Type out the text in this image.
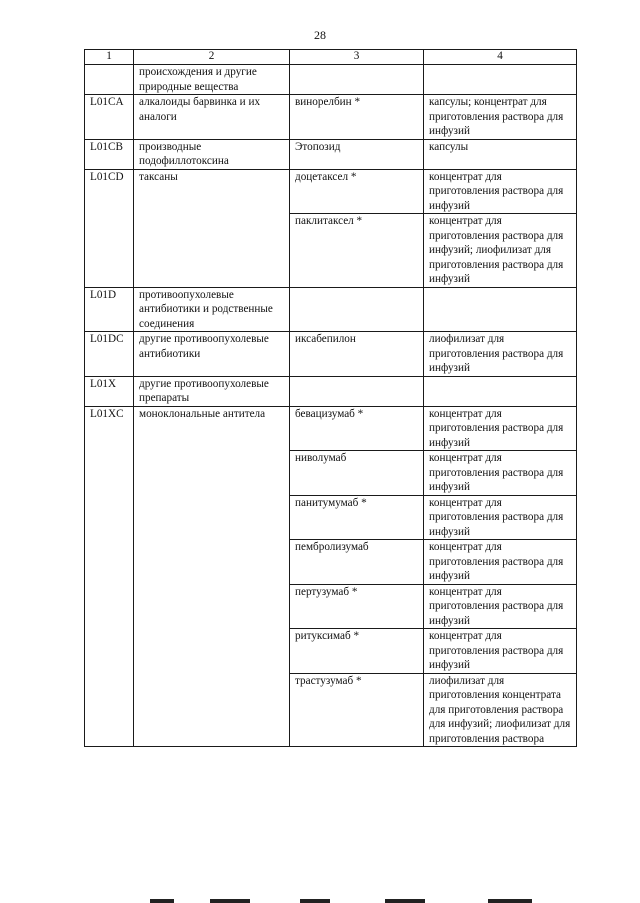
28
1	2	3	4
	происхождения и другие природные вещества		
L01CA	алкалоиды барвинка и их аналоги	винорелбин *	капсулы; концентрат для приготовления раствора для инфузий
L01CB	производные подофиллотоксина	Этопозид	капсулы
L01CD	таксаны	доцетаксел *	концентрат для приготовления раствора для инфузий
		паклитаксел *	концентрат для приготовления раствора для инфузий; лиофилизат для приготовления раствора для инфузий
L01D	противоопухолевые антибиотики и родственные соединения		
L01DC	другие противоопухолевые антибиотики	иксабепилон	лиофилизат для приготовления раствора для инфузий
L01X	другие противоопухолевые препараты		
L01XC	моноклональные антитела	бевацизумаб *	концентрат для приготовления раствора для инфузий
		ниволумаб	концентрат для приготовления раствора для инфузий
		панитумумаб *	концентрат для приготовления раствора для инфузий
		пембролизумаб	концентрат для приготовления раствора для инфузий
		пертузумаб *	концентрат для приготовления раствора для инфузий
		ритуксимаб *	концентрат для приготовления раствора для инфузий
		трастузумаб *	лиофилизат для приготовления концентрата для приготовления раствора для инфузий; лиофилизат для приготовления раствора
